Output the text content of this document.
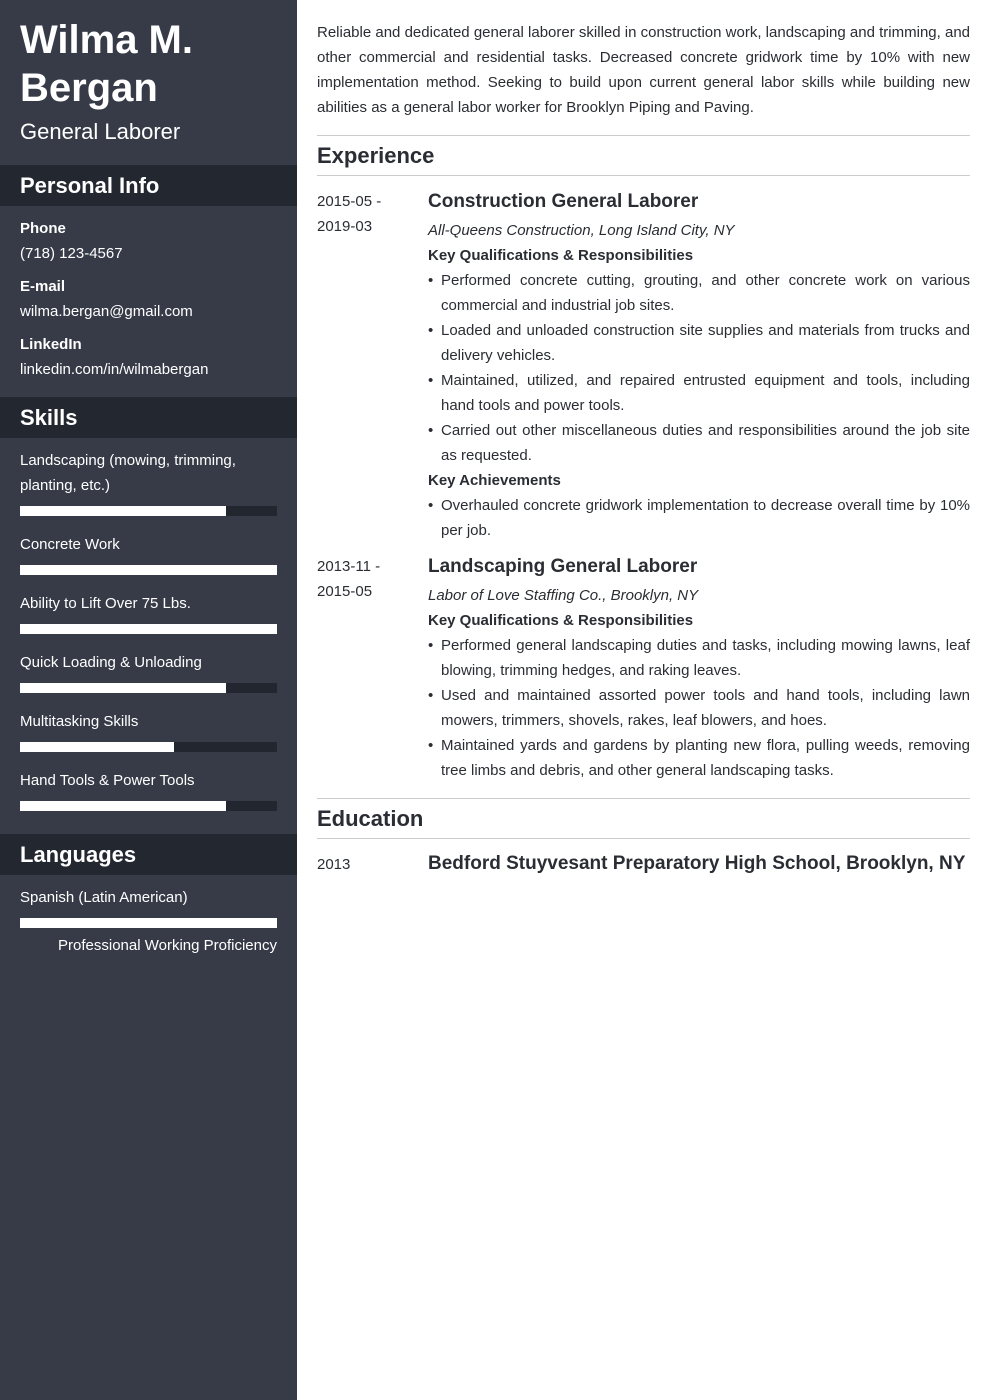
Wilma M. Bergan
General Laborer
Personal Info
Phone
(718) 123-4567
E-mail
wilma.bergan@gmail.com
LinkedIn
linkedin.com/in/wilmabergan
Skills
Landscaping (mowing, trimming, planting, etc.)
Concrete Work
Ability to Lift Over 75 Lbs.
Quick Loading & Unloading
Multitasking Skills
Hand Tools & Power Tools
Languages
Spanish (Latin American)
Professional Working Proficiency
Reliable and dedicated general laborer skilled in construction work, landscaping and trimming, and other commercial and residential tasks. Decreased concrete gridwork time by 10% with new implementation method. Seeking to build upon current general labor skills while building new abilities as a general labor worker for Brooklyn Piping and Paving.
Experience
2015-05 -
2019-03
Construction General Laborer
All-Queens Construction, Long Island City, NY
Key Qualifications & Responsibilities
• Performed concrete cutting, grouting, and other concrete work on various commercial and industrial job sites.
• Loaded and unloaded construction site supplies and materials from trucks and delivery vehicles.
• Maintained, utilized, and repaired entrusted equipment and tools, including hand tools and power tools.
• Carried out other miscellaneous duties and responsibilities around the job site as requested.
Key Achievements
• Overhauled concrete gridwork implementation to decrease overall time by 10% per job.
2013-11 -
2015-05
Landscaping General Laborer
Labor of Love Staffing Co., Brooklyn, NY
Key Qualifications & Responsibilities
• Performed general landscaping duties and tasks, including mowing lawns, leaf blowing, trimming hedges, and raking leaves.
• Used and maintained assorted power tools and hand tools, including lawn mowers, trimmers, shovels, rakes, leaf blowers, and hoes.
• Maintained yards and gardens by planting new flora, pulling weeds, removing tree limbs and debris, and other general landscaping tasks.
Education
2013	Bedford Stuyvesant Preparatory High School, Brooklyn, NY
